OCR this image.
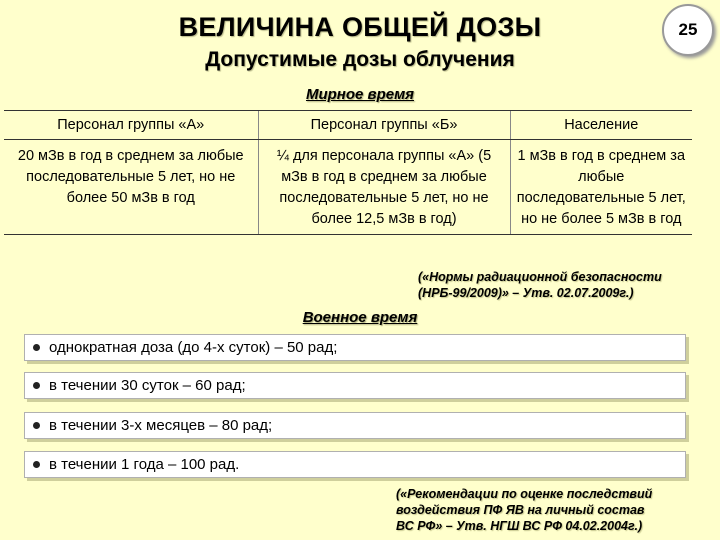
ВЕЛИЧИНА ОБЩЕЙ ДОЗЫ	25
Допустимые дозы облучения
Мирное время
Персонал группы «А»	Персонал группы «Б»	Население
20 мЗв в год в среднем за любые последовательные 5 лет, но не более 50 мЗв в год	¼ для персонала группы «А» (5 мЗв в год в среднем за любые последовательные 5 лет, но не более 12,5 мЗв в год)	1 мЗв в год в среднем за любые последовательные 5 лет, но не более 5 мЗв в год
(«Нормы радиационной безопасности
(НРБ-99/2009)» – Утв. 02.07.2009г.)
Военное время
однократная доза (до 4-х суток) – 50 рад;
в течении 30 суток – 60 рад;
в течении 3-х месяцев – 80 рад;
в течении 1 года – 100 рад.
(«Рекомендации по оценке последствий
воздействия ПФ ЯВ на личный состав
ВС РФ» – Утв. НГШ ВС РФ 04.02.2004г.)
